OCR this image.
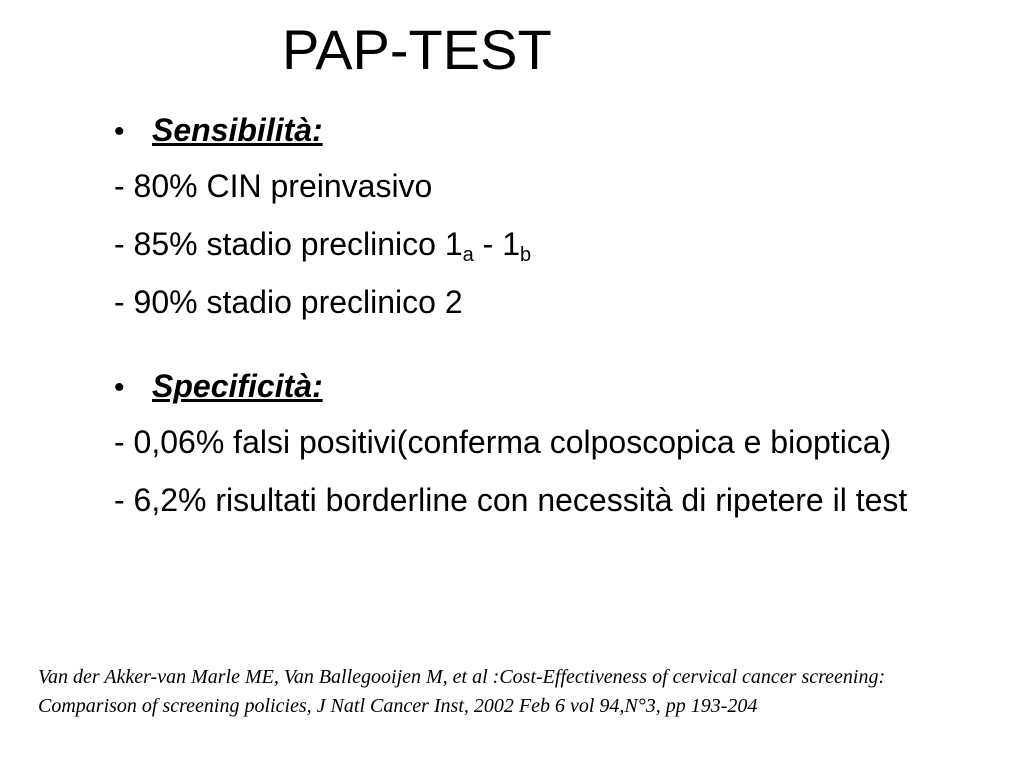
PAP-TEST
• Sensibilità:
- 80% CIN preinvasivo
- 85% stadio preclinico $1_a - 1_b$
- 90% stadio preclinico 2
• Specificità:
- 0,06% falsi positivi(conferma colposcopica e bioptica)
- 6,2% risultati borderline con necessità di ripetere il test
Van der Akker-van Marle ME, Van Ballegooijen M, et al :Cost-Effectiveness of cervical cancer screening: Comparison of screening policies, J Natl Cancer Inst, 2002 Feb 6 vol 94,N°3, pp 193-204
